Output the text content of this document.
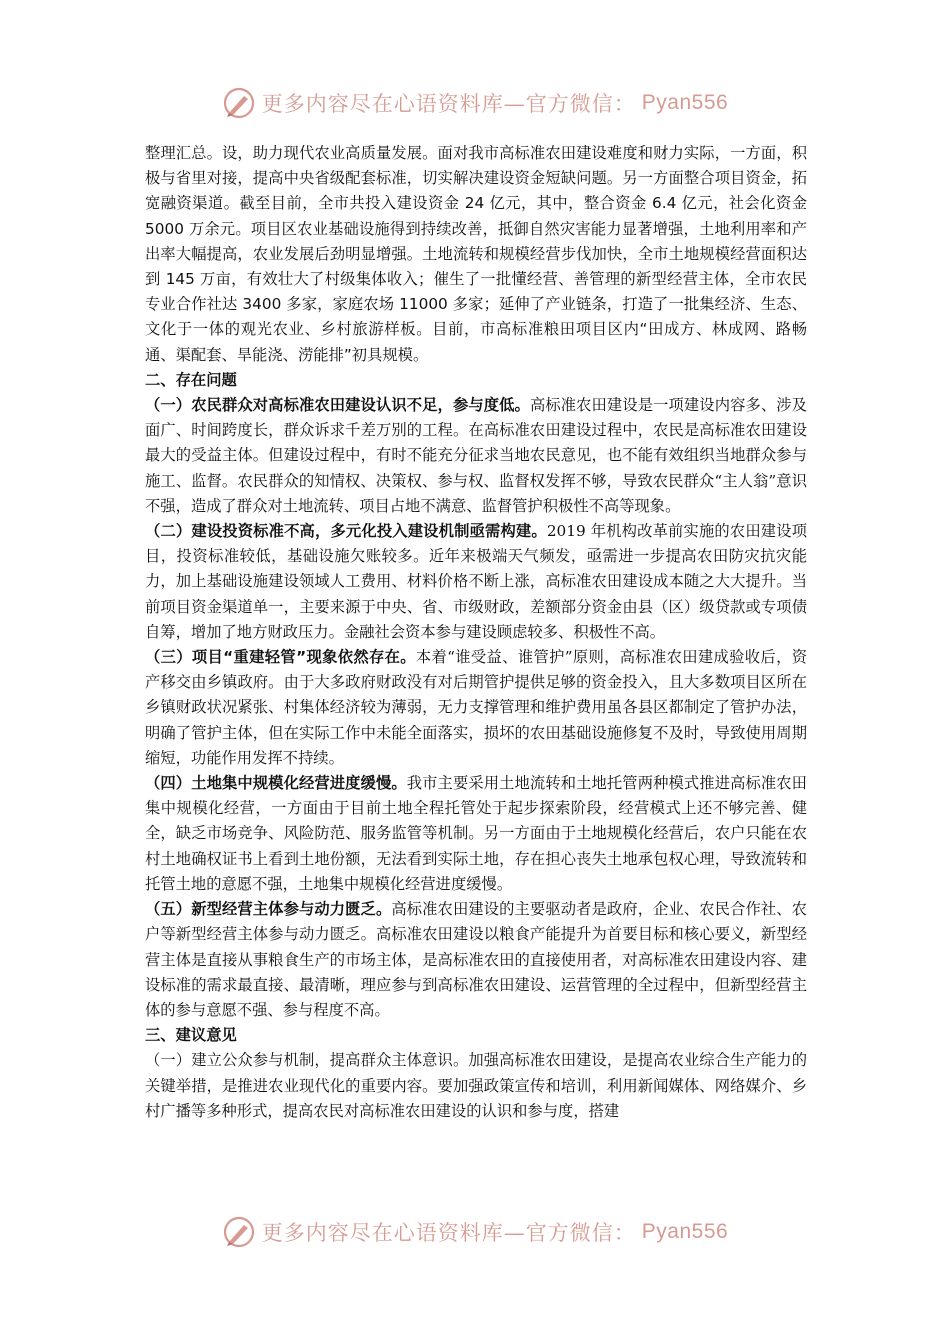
更多内容尽在心语资料库—官方微信： Pyan556

整理汇总。设，助力现代农业高质量发展。面对我市高标准农田建设难度和财力实际，一方面，积极与省里对接，提高中央省级配套标准，切实解决建设资金短缺问题。另一方面整合项目资金，拓宽融资渠道。截至目前，全市共投入建设资金 24 亿元，其中，整合资金 6.4 亿元，社会化资金 5000 万余元。项目区农业基础设施得到持续改善，抵御自然灾害能力显著增强，土地利用率和产出率大幅提高，农业发展后劲明显增强。土地流转和规模经营步伐加快，全市土地规模经营面积达到 145 万亩，有效壮大了村级集体收入；催生了一批懂经营、善管理的新型经营主体，全市农民专业合作社达 3400 多家，家庭农场 11000 多家；延伸了产业链条，打造了一批集经济、生态、文化于一体的观光农业、乡村旅游样板。目前，市高标准粮田项目区内“田成方、林成网、路畅通、渠配套、旱能浇、涝能排”初具规模。

二、存在问题

（一）农民群众对高标准农田建设认识不足，参与度低。高标准农田建设是一项建设内容多、涉及面广、时间跨度长，群众诉求千差万别的工程。在高标准农田建设过程中，农民是高标准农田建设最大的受益主体。但建设过程中，有时不能充分征求当地农民意见，也不能有效组织当地群众参与施工、监督。农民群众的知情权、决策权、参与权、监督权发挥不够，导致农民群众“主人翁”意识不强，造成了群众对土地流转、项目占地不满意、监督管护积极性不高等现象。

（二）建设投资标准不高，多元化投入建设机制亟需构建。2019 年机构改革前实施的农田建设项目，投资标准较低，基础设施欠账较多。近年来极端天气频发，亟需进一步提高农田防灾抗灾能力，加上基础设施建设领域人工费用、材料价格不断上涨，高标准农田建设成本随之大大提升。当前项目资金渠道单一，主要来源于中央、省、市级财政，差额部分资金由县（区）级贷款或专项债自筹，增加了地方财政压力。金融社会资本参与建设顾虑较多、积极性不高。

（三）项目“重建轻管”现象依然存在。本着“谁受益、谁管护”原则，高标准农田建成验收后，资产移交由乡镇政府。由于大多政府财政没有对后期管护提供足够的资金投入，且大多数项目区所在乡镇财政状况紧张、村集体经济较为薄弱，无力支撑管理和维护费用虽各县区都制定了管护办法，明确了管护主体，但在实际工作中未能全面落实，损坏的农田基础设施修复不及时，导致使用周期缩短，功能作用发挥不持续。

（四）土地集中规模化经营进度缓慢。我市主要采用土地流转和土地托管两种模式推进高标准农田集中规模化经营，一方面由于目前土地全程托管处于起步探索阶段，经营模式上还不够完善、健全，缺乏市场竞争、风险防范、服务监管等机制。另一方面由于土地规模化经营后，农户只能在农村土地确权证书上看到土地份额，无法看到实际土地，存在担心丧失土地承包权心理，导致流转和托管土地的意愿不强，土地集中规模化经营进度缓慢。

（五）新型经营主体参与动力匮乏。高标准农田建设的主要驱动者是政府，企业、农民合作社、农户等新型经营主体参与动力匮乏。高标准农田建设以粮食产能提升为首要目标和核心要义，新型经营主体是直接从事粮食生产的市场主体，是高标准农田的直接使用者，对高标准农田建设内容、建设标准的需求最直接、最清晰，理应参与到高标准农田建设、运营管理的全过程中，但新型经营主体的参与意愿不强、参与程度不高。

三、建议意见

（一）建立公众参与机制，提高群众主体意识。加强高标准农田建设，是提高农业综合生产能力的关键举措，是推进农业现代化的重要内容。要加强政策宣传和培训，利用新闻媒体、网络媒介、乡村广播等多种形式，提高农民对高标准农田建设的认识和参与度，搭建

更多内容尽在心语资料库—官方微信： Pyan556
